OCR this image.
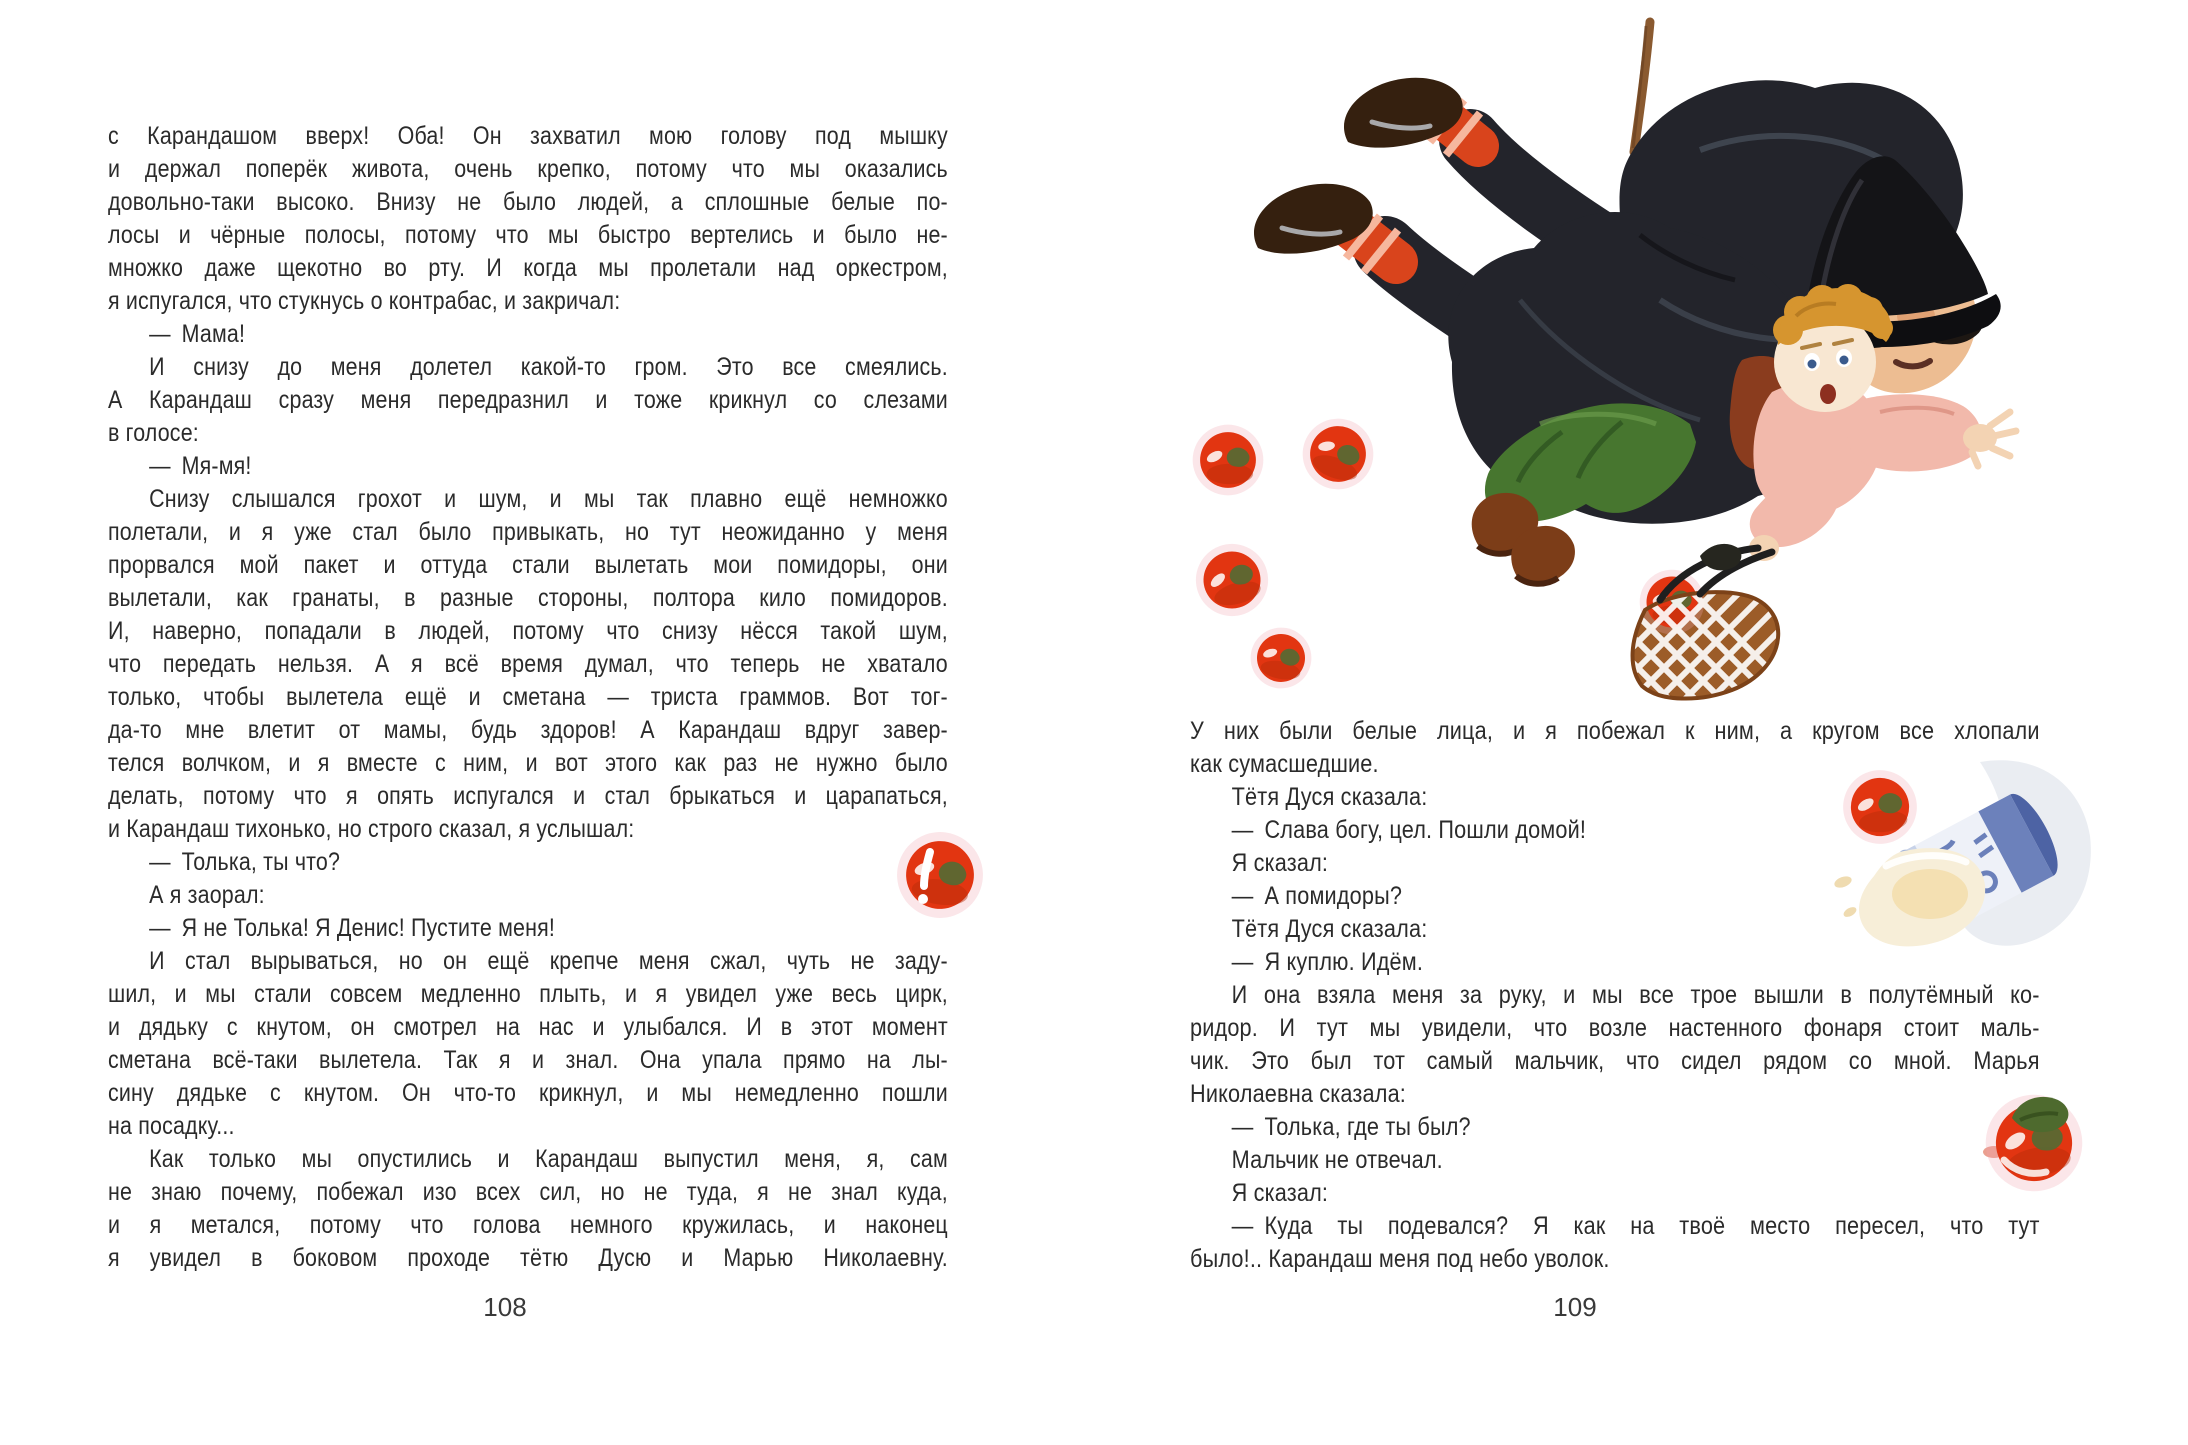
с Карандашом вверх! Оба! Он захватил мою голову под мышку
и держал поперёк живота, очень крепко, потому что мы оказались
довольно-таки высоко. Внизу не было людей, а сплошные белые по-
лосы и чёрные полосы, потому что мы быстро вертелись и было не-
множко даже щекотно во рту. И когда мы пролетали над оркестром,
я испугался, что стукнусь о контрабас, и закричал:
— Мама!
И снизу до меня долетел какой-то гром. Это все смеялись.
А Карандаш сразу меня передразнил и тоже крикнул со слезами
в голосе:
— Мя-мя!
Снизу слышался грохот и шум, и мы так плавно ещё немножко
полетали, и я уже стал было привыкать, но тут неожиданно у меня
прорвался мой пакет и оттуда стали вылетать мои помидоры, они
вылетали, как гранаты, в разные стороны, полтора кило помидоров.
И, наверно, попадали в людей, потому что снизу нёсся такой шум,
что передать нельзя. А я всё время думал, что теперь не хватало
только, чтобы вылетела ещё и сметана — триста граммов. Вот тог-
да-то мне влетит от мамы, будь здоров! А Карандаш вдруг завер-
телся волчком, и я вместе с ним, и вот этого как раз не нужно было
делать, потому что я опять испугался и стал брыкаться и царапаться,
и Карандаш тихонько, но строго сказал, я услышал:
— Толька, ты что?
А я заорал:
— Я не Толька! Я Денис! Пустите меня!
И стал вырываться, но он ещё крепче меня сжал, чуть не заду-
шил, и мы стали совсем медленно плыть, и я увидел уже весь цирк,
и дядьку с кнутом, он смотрел на нас и улыбался. И в этот момент
сметана всё-таки вылетела. Так я и знал. Она упала прямо на лы-
сину дядьке с кнутом. Он что-то крикнул, и мы немедленно пошли
на посадку...
Как только мы опустились и Карандаш выпустил меня, я, сам
не знаю почему, побежал изо всех сил, но не туда, я не знал куда,
и я метался, потому что голова немного кружилась, и наконец
я увидел в боковом проходе тётю Дусю и Марью Николаевну.
108
У них были белые лица, и я побежал к ним, а кругом все хлопали
как сумасшедшие.
Тётя Дуся сказала:
— Слава богу, цел. Пошли домой!
Я сказал:
— А помидоры?
Тётя Дуся сказала:
— Я куплю. Идём.
И она взяла меня за руку, и мы все трое вышли в полутёмный ко-
ридор. И тут мы увидели, что возле настенного фонаря стоит маль-
чик. Это был тот самый мальчик, что сидел рядом со мной. Марья
Николаевна сказала:
— Толька, где ты был?
Мальчик не отвечал.
Я сказал:
— Куда ты подевался? Я как на твоё место пересел, что тут
было!.. Карандаш меня под небо уволок.
109
